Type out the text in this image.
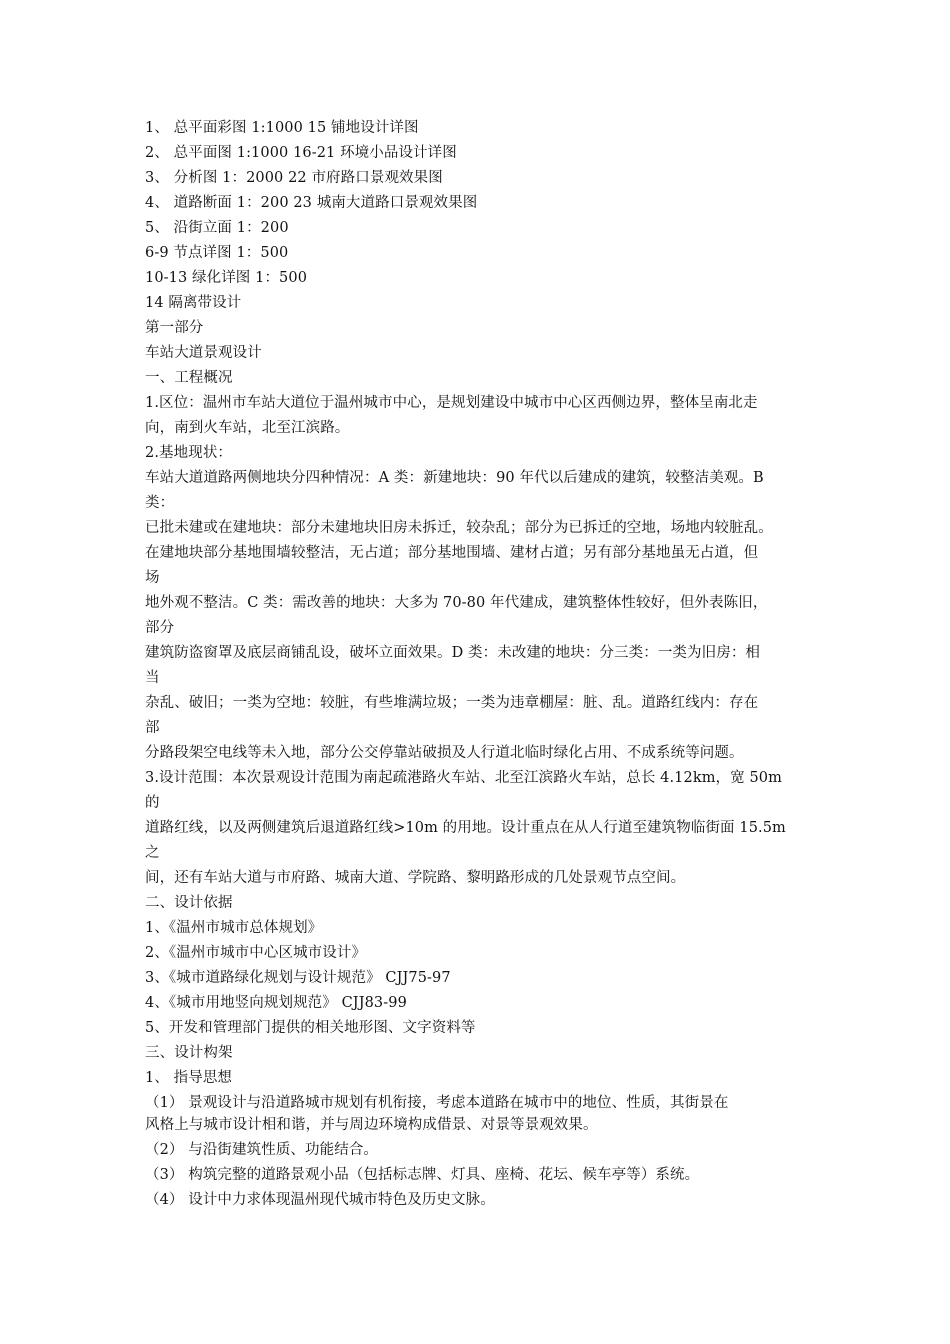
1、 总平面彩图 1:1000 15 铺地设计详图
2、 总平面图 1:1000 16-21 环境小品设计详图
3、 分析图 1：2000 22 市府路口景观效果图
4、 道路断面 1：200 23 城南大道路口景观效果图
5、 沿街立面 1：200
6-9 节点详图 1：500
10-13 绿化详图 1：500
14 隔离带设计
第一部分
车站大道景观设计
一、工程概况
1.区位：温州市车站大道位于温州城市中心，是规划建设中城市中心区西侧边界，整体呈南北走
向，南到火车站，北至江滨路。
2.基地现状：
车站大道道路两侧地块分四种情况：A 类：新建地块：90 年代以后建成的建筑，较整洁美观。B
类：
已批未建或在建地块：部分未建地块旧房未拆迁，较杂乱；部分为已拆迁的空地，场地内较脏乱。
在建地块部分基地围墙较整洁，无占道；部分基地围墙、建材占道；另有部分基地虽无占道，但
场
地外观不整洁。C 类：需改善的地块：大多为 70-80 年代建成，建筑整体性较好，但外表陈旧，
部分
建筑防盗窗罩及底层商铺乱设，破坏立面效果。D 类：未改建的地块：分三类：一类为旧房：相
当
杂乱、破旧；一类为空地：较脏，有些堆满垃圾；一类为违章棚屋：脏、乱。道路红线内：存在
部
分路段架空电线等未入地，部分公交停靠站破损及人行道北临时绿化占用、不成系统等问题。
3.设计范围：本次景观设计范围为南起疏港路火车站、北至江滨路火车站，总长 4.12km，宽 50m
的
道路红线，以及两侧建筑后退道路红线>10m 的用地。设计重点在从人行道至建筑物临街面 15.5m
之
间，还有车站大道与市府路、城南大道、学院路、黎明路形成的几处景观节点空间。
二、设计依据
1、《温州市城市总体规划》
2、《温州市城市中心区城市设计》
3、《城市道路绿化规划与设计规范》 CJJ75-97
4、《城市用地竖向规划规范》 CJJ83-99
5、开发和管理部门提供的相关地形图、文字资料等
三、设计构架
1、 指导思想
（1） 景观设计与沿道路城市规划有机衔接，考虑本道路在城市中的地位、性质，其街景在
风格上与城市设计相和谐，并与周边环境构成借景、对景等景观效果。
（2） 与沿街建筑性质、功能结合。
（3） 构筑完整的道路景观小品（包括标志牌、灯具、座椅、花坛、候车亭等）系统。
（4） 设计中力求体现温州现代城市特色及历史文脉。
